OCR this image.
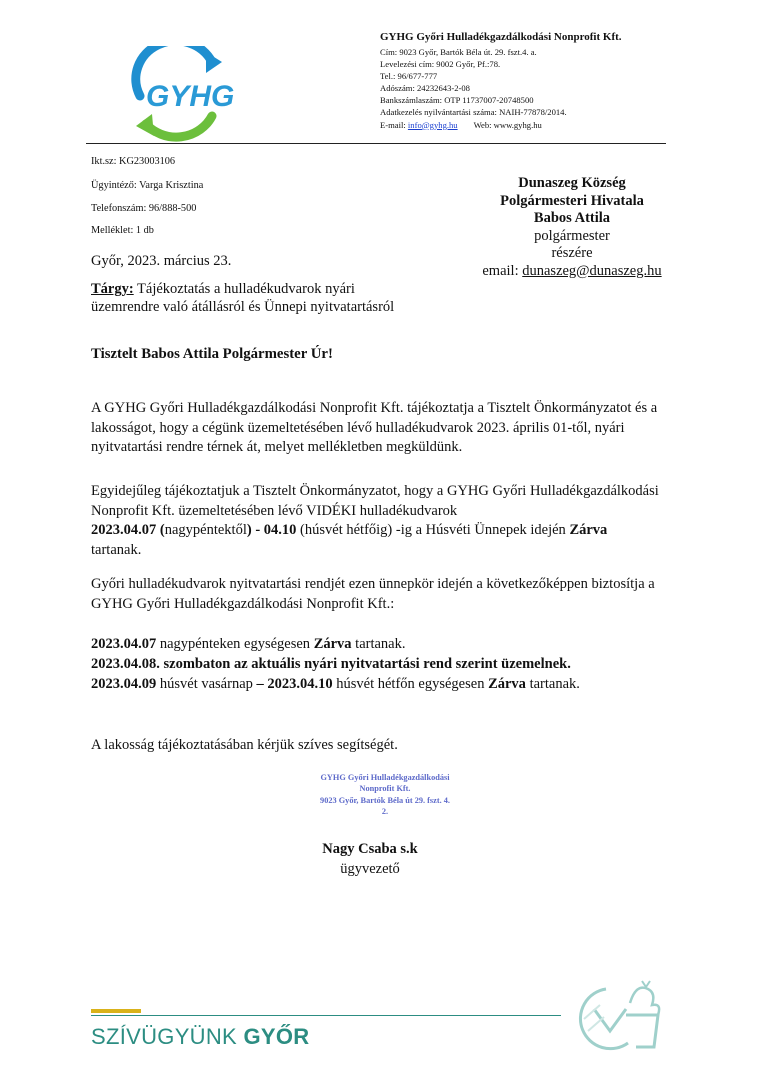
GYHG
GYHG Győri Hulladékgazdálkodási Nonprofit Kft.
Cím: 9023 Győr, Bartók Béla út. 29. fszt.4. a.
Levelezési cím: 9002 Győr, Pf.:78.
Tel.: 96/677-777
Adószám: 24232643-2-08
Bankszámlaszám: OTP 11737007-20748500
Adatkezelés nyilvántartási száma: NAIH-77878/2014.
E-mail: info@gyhg.hu Web: www.gyhg.hu
Ikt.sz: KG23003106
Ügyintéző: Varga Krisztina
Telefonszám: 96/888-500
Melléklet: 1 db
Győr, 2023. március 23.
Tárgy: Tájékoztatás a hulladékudvarok nyári üzemrendre való átállásról és Ünnepi nyitvatartásról
Dunaszeg Község
Polgármesteri Hivatala
Babos Attila
polgármester
részére
email: dunaszeg@dunaszeg.hu
Tisztelt Babos Attila Polgármester Úr!
A GYHG Győri Hulladékgazdálkodási Nonprofit Kft. tájékoztatja a Tisztelt Önkormányzatot és a lakosságot, hogy a cégünk üzemeltetésében lévő hulladékudvarok 2023. április 01-től, nyári nyitvatartási rendre térnek át, melyet mellékletben megküldünk.
Egyidejűleg tájékoztatjuk a Tisztelt Önkormányzatot, hogy a GYHG Győri Hulladékgazdálkodási Nonprofit Kft. üzemeltetésében lévő VIDÉKI hulladékudvarok
2023.04.07 (nagypéntektől) - 04.10 (húsvét hétfőig) -ig a Húsvéti Ünnepek idején Zárva
tartanak.
Győri hulladékudvarok nyitvatartási rendjét ezen ünnepkör idején a következőképpen biztosítja a GYHG Győri Hulladékgazdálkodási Nonprofit Kft.:
2023.04.07 nagypénteken egységesen Zárva tartanak.
2023.04.08. szombaton az aktuális nyári nyitvatartási rend szerint üzemelnek.
2023.04.09 húsvét vasárnap – 2023.04.10 húsvét hétfőn egységesen Zárva tartanak.
A lakosság tájékoztatásában kérjük szíves segítségét.
GYHG Győri Hulladékgazdálkodási
Nonprofit Kft.
9023 Győr, Bartók Béla út 29. fszt. 4.
2.
Nagy Csaba s.k
ügyvezető
SZÍVÜGYÜNK GYŐR
